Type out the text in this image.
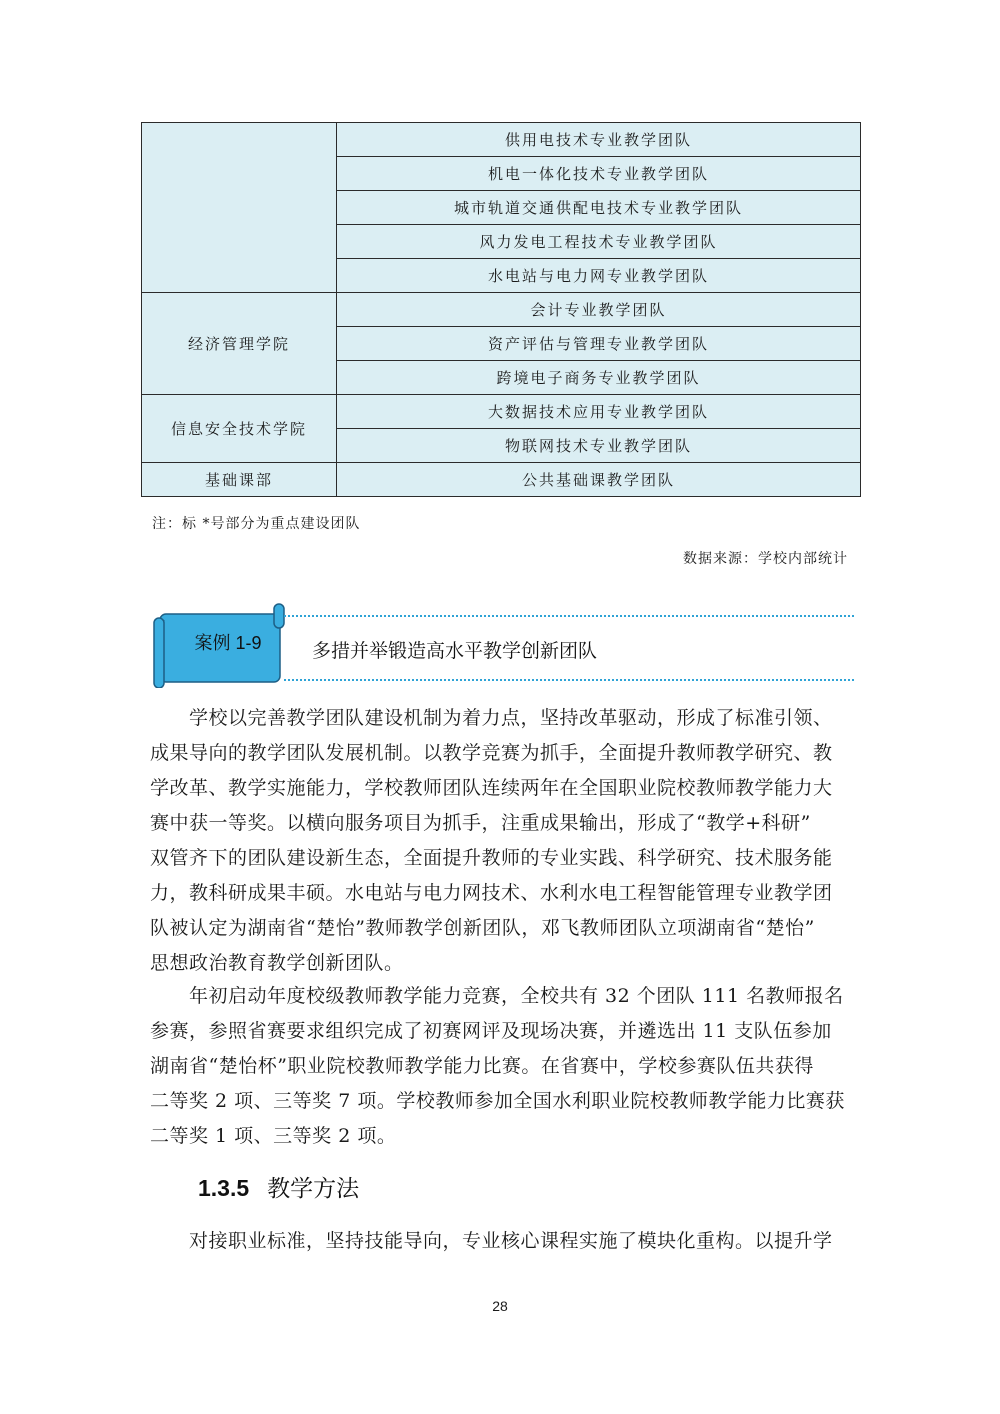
	供用电技术专业教学团队
	机电一体化技术专业教学团队
	城市轨道交通供配电技术专业教学团队
	风力发电工程技术专业教学团队
	水电站与电力网专业教学团队
经济管理学院	会计专业教学团队
	资产评估与管理专业教学团队
	跨境电子商务专业教学团队
信息安全技术学院	大数据技术应用专业教学团队
	物联网技术专业教学团队
基础课部	公共基础课教学团队
注：标 *号部分为重点建设团队
数据来源：学校内部统计
案例 1-9	多措并举锻造高水平教学创新团队

　　学校以完善教学团队建设机制为着力点，坚持改革驱动，形成了标准引领、
成果导向的教学团队发展机制。以教学竞赛为抓手，全面提升教师教学研究、教
学改革、教学实施能力，学校教师团队连续两年在全国职业院校教师教学能力大
赛中获一等奖。以横向服务项目为抓手，注重成果输出，形成了“教学+科研”
双管齐下的团队建设新生态，全面提升教师的专业实践、科学研究、技术服务能
力，教科研成果丰硕。水电站与电力网技术、水利水电工程智能管理专业教学团
队被认定为湖南省“楚怡”教师教学创新团队，邓飞教师团队立项湖南省“楚怡”
思想政治教育教学创新团队。

　　年初启动年度校级教师教学能力竞赛，全校共有 32 个团队 111 名教师报名
参赛，参照省赛要求组织完成了初赛网评及现场决赛，并遴选出 11 支队伍参加
湖南省“楚怡杯”职业院校教师教学能力比赛。在省赛中，学校参赛队伍共获得
二等奖 2 项、三等奖 7 项。学校教师参加全国水利职业院校教师教学能力比赛获
二等奖 1 项、三等奖 2 项。

1.3.5 教学方法

　　对接职业标准，坚持技能导向，专业核心课程实施了模块化重构。以提升学

28
